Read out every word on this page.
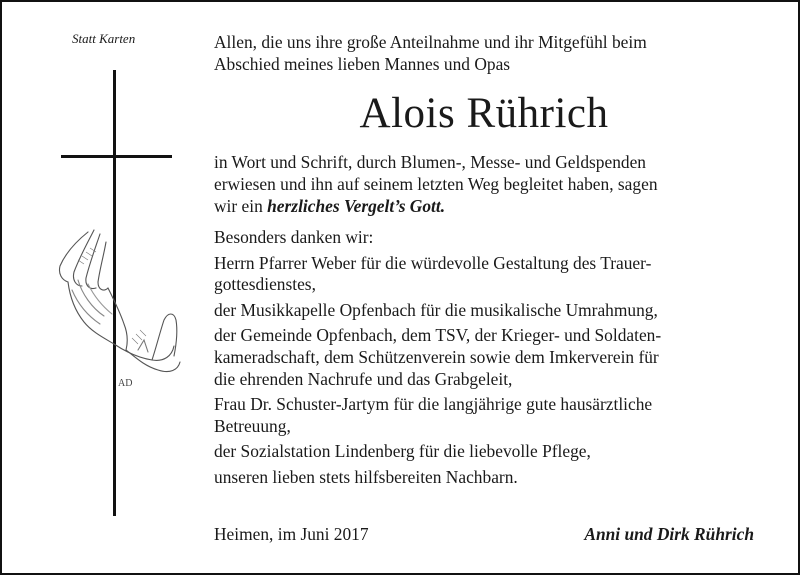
Statt Karten
AD
Allen, die uns ihre große Anteilnahme und ihr Mitgefühl beim
Abschied meines lieben Mannes und Opas
Alois Rührich
in Wort und Schrift, durch Blumen-, Messe- und Geldspenden
erwiesen und ihn auf seinem letzten Weg begleitet haben, sagen
wir ein herzliches Vergelt’s Gott.
Besonders danken wir:
Herrn Pfarrer Weber für die würdevolle Gestaltung des Trauer-
gottesdienstes,
der Musikkapelle Opfenbach für die musikalische Umrahmung,
der Gemeinde Opfenbach, dem TSV, der Krieger- und Soldaten-
kameradschaft, dem Schützenverein sowie dem Imkerverein für
die ehrenden Nachrufe und das Grabgeleit,
Frau Dr. Schuster-Jartym für die langjährige gute hausärztliche
Betreuung,
der Sozialstation Lindenberg für die liebevolle Pflege,
unseren lieben stets hilfsbereiten Nachbarn.
Heimen, im Juni 2017	Anni und Dirk Rührich
